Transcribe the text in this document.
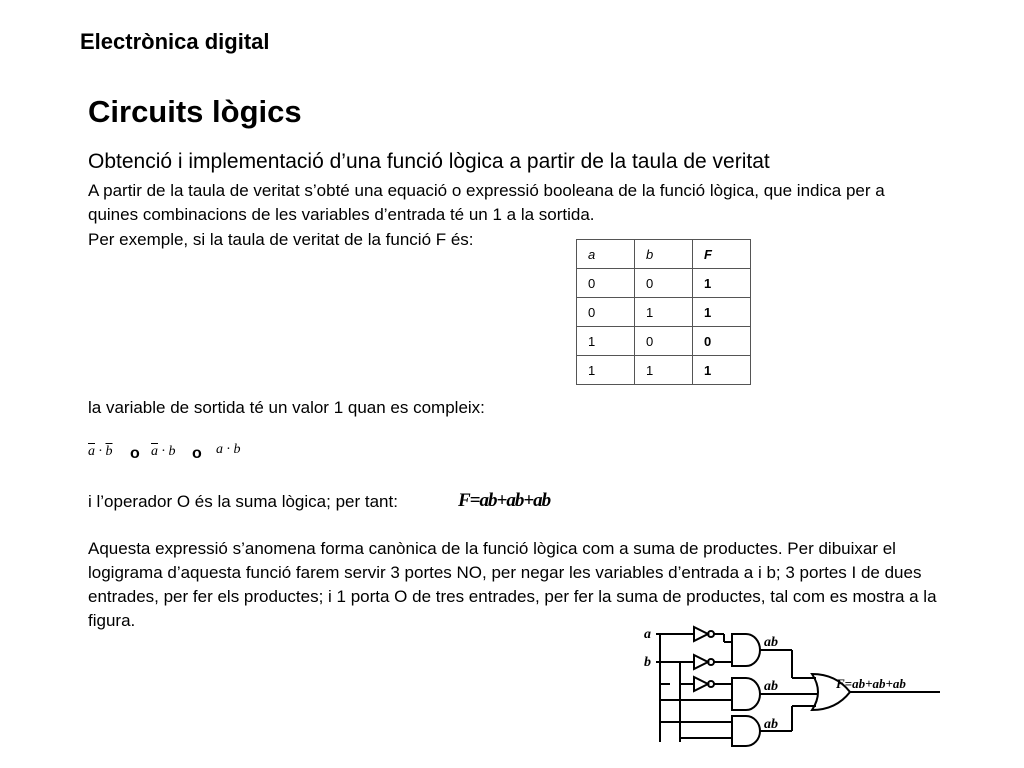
Electrònica digital
Circuits lògics
Obtenció i implementació d’una funció lògica a partir de la taula de veritat
A partir de la taula de veritat s’obté una equació o expressió booleana de la funció lògica, que indica per a quines combinacions de les variables d’entrada té un 1 a la sortida.
Per exemple, si la taula de veritat de la funció F és:
a	b	F
0	0	1
0	1	1
1	0	0
1	1	1
la variable de sortida té un valor 1 quan es compleix:
$\overline{a} \cdot \overline{b}$ o $\overline{a} \cdot b$ o a · b
i l’operador O és la suma lògica; per tant:	F=ab+ab+ab
Aquesta expressió s’anomena forma canònica de la funció lògica com a suma de productes. Per dibuixar el logigrama d’aquesta funció farem servir 3 portes NO, per negar les variables d’entrada a i b; 3 portes I de dues entrades, per fer els productes; i 1 porta O de tres entrades, per fer la suma de productes, tal com es mostra a la figura.
a
b
ab
ab
ab
F=ab+ab+ab
